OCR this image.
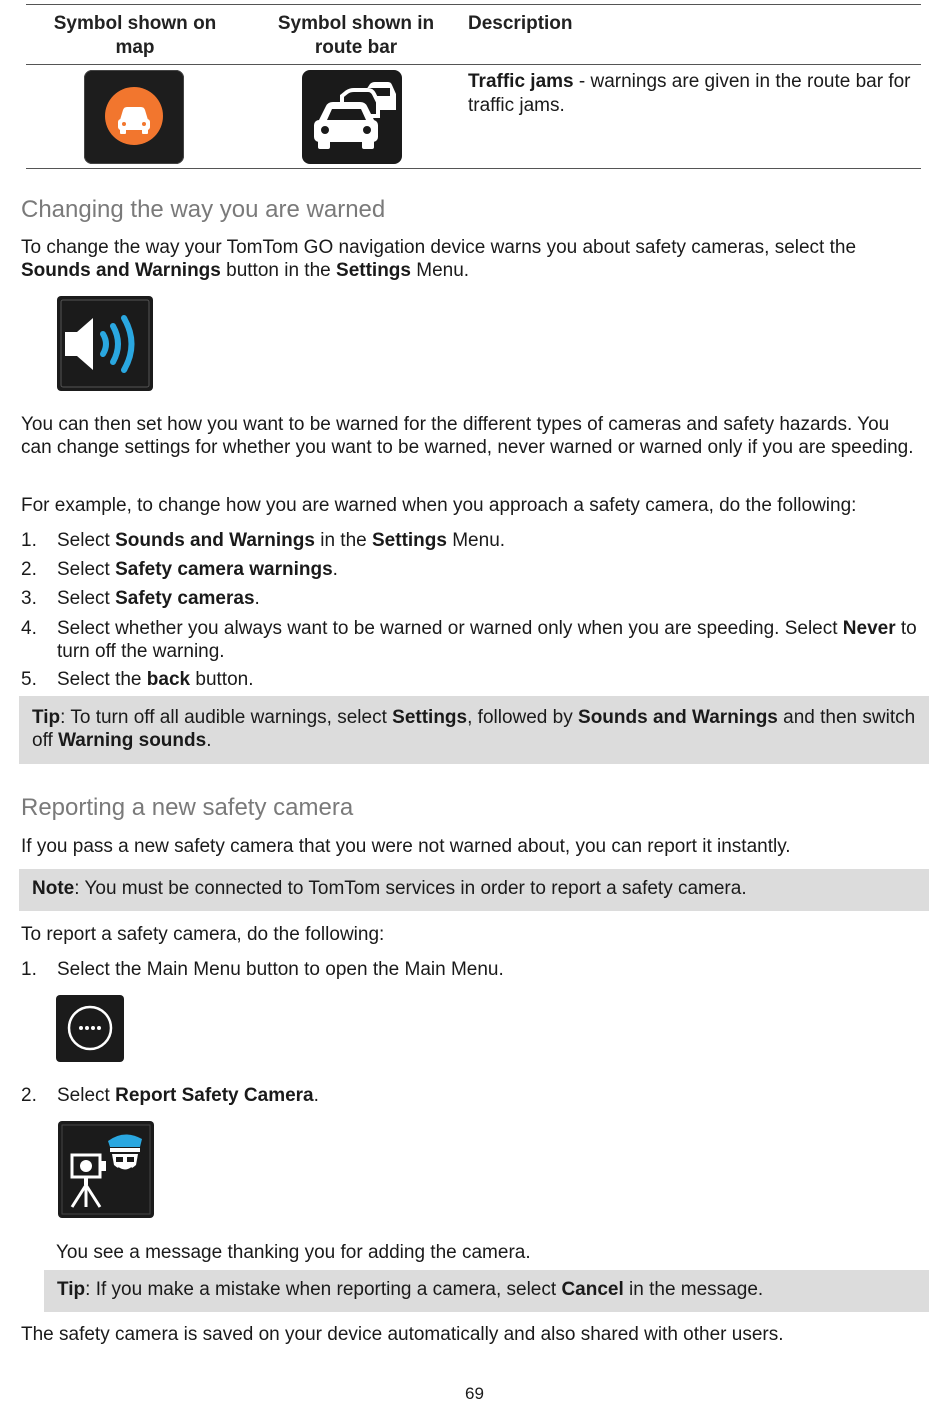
Symbol shown on map
Symbol shown in route bar
Description
Traffic jams - warnings are given in the route bar for traffic jams.
Changing the way you are warned

To change the way your TomTom GO navigation device warns you about safety cameras, select the Sounds and Warnings button in the Settings Menu.

You can then set how you want to be warned for the different types of cameras and safety hazards. You can change settings for whether you want to be warned, never warned or warned only if you are speeding.

For example, to change how you are warned when you approach a safety camera, do the following:

1. Select Sounds and Warnings in the Settings Menu.
2. Select Safety camera warnings.
3. Select Safety cameras.
4. Select whether you always want to be warned or warned only when you are speeding. Select Never to turn off the warning.
5. Select the back button.
Tip: To turn off all audible warnings, select Settings, followed by Sounds and Warnings and then switch off Warning sounds.
Reporting a new safety camera

If you pass a new safety camera that you were not warned about, you can report it instantly.

Note: You must be connected to TomTom services in order to report a safety camera.

To report a safety camera, do the following:

1. Select the Main Menu button to open the Main Menu.
2. Select Report Safety Camera.

You see a message thanking you for adding the camera.

Tip: If you make a mistake when reporting a camera, select Cancel in the message.

The safety camera is saved on your device automatically and also shared with other users.

69
